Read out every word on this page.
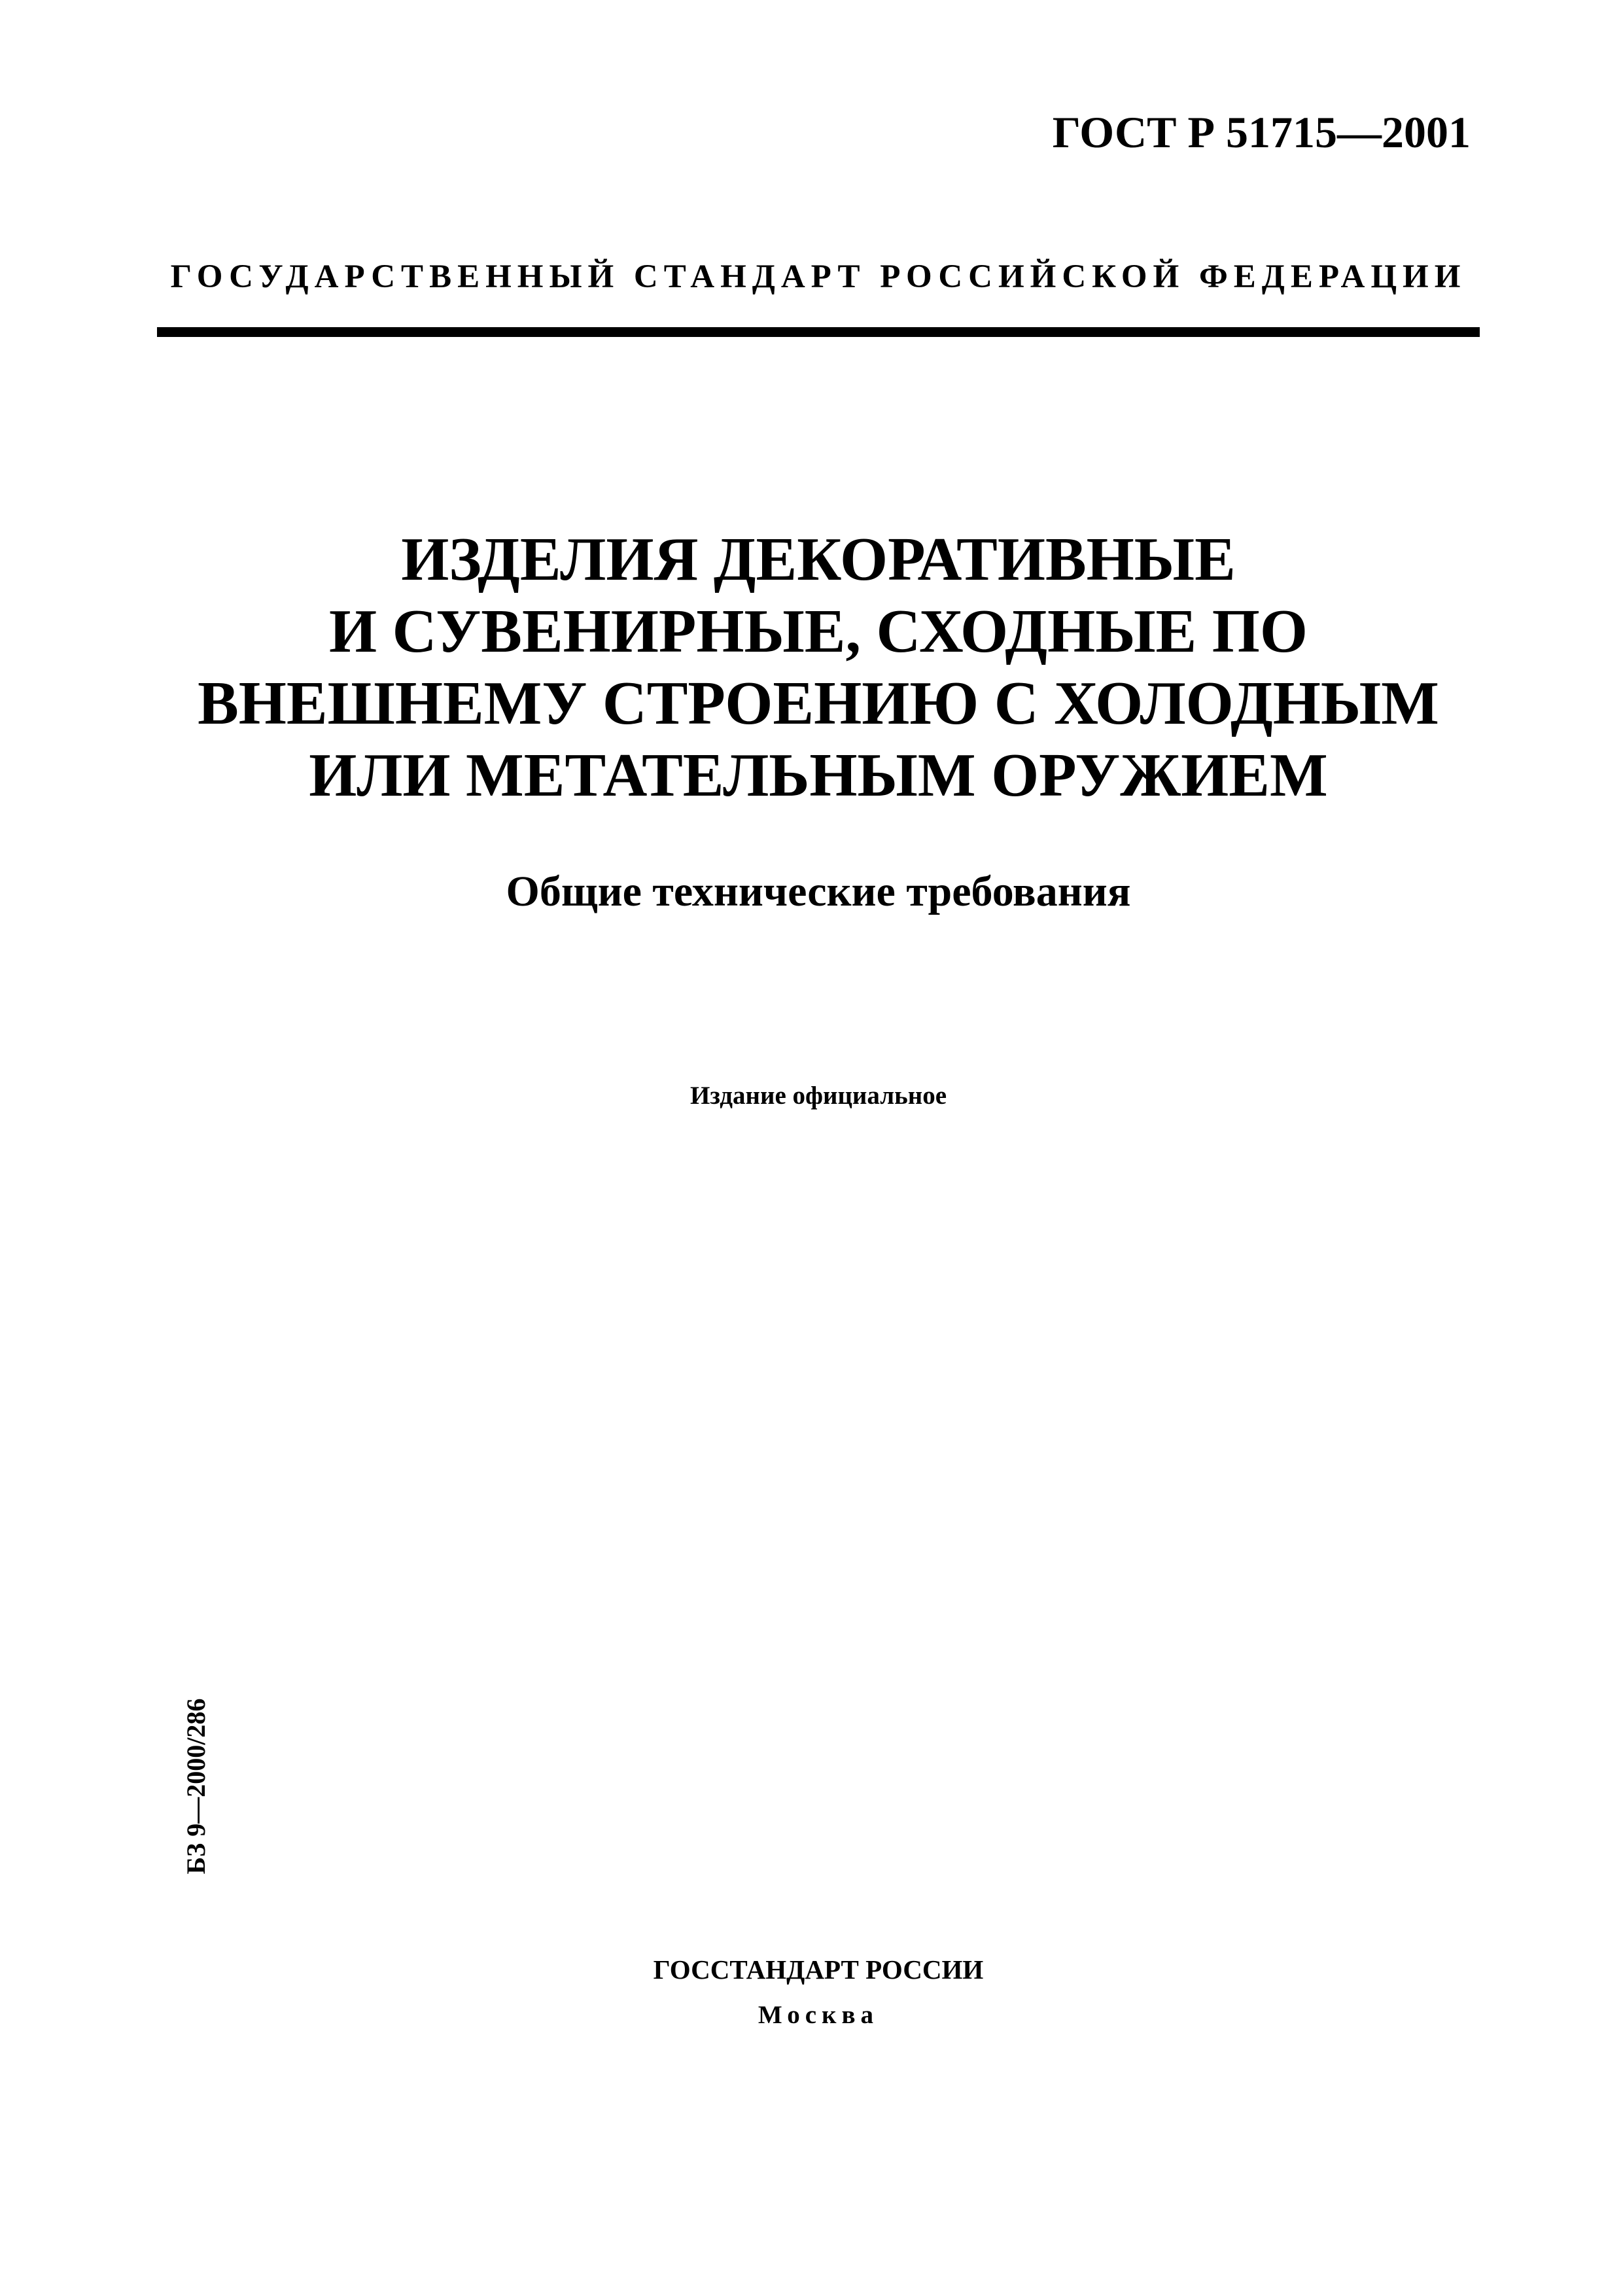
ГОСТ Р 51715—2001
ГОСУДАРСТВЕННЫЙ СТАНДАРТ РОССИЙСКОЙ ФЕДЕРАЦИИ
ИЗДЕЛИЯ ДЕКОРАТИВНЫЕ
И СУВЕНИРНЫЕ, СХОДНЫЕ ПО
ВНЕШНЕМУ СТРОЕНИЮ С ХОЛОДНЫМ
ИЛИ МЕТАТЕЛЬНЫМ ОРУЖИЕМ
Общие технические требования
Издание официальное
БЗ 9—2000/286
ГОССТАНДАРТ РОССИИ
Москва
